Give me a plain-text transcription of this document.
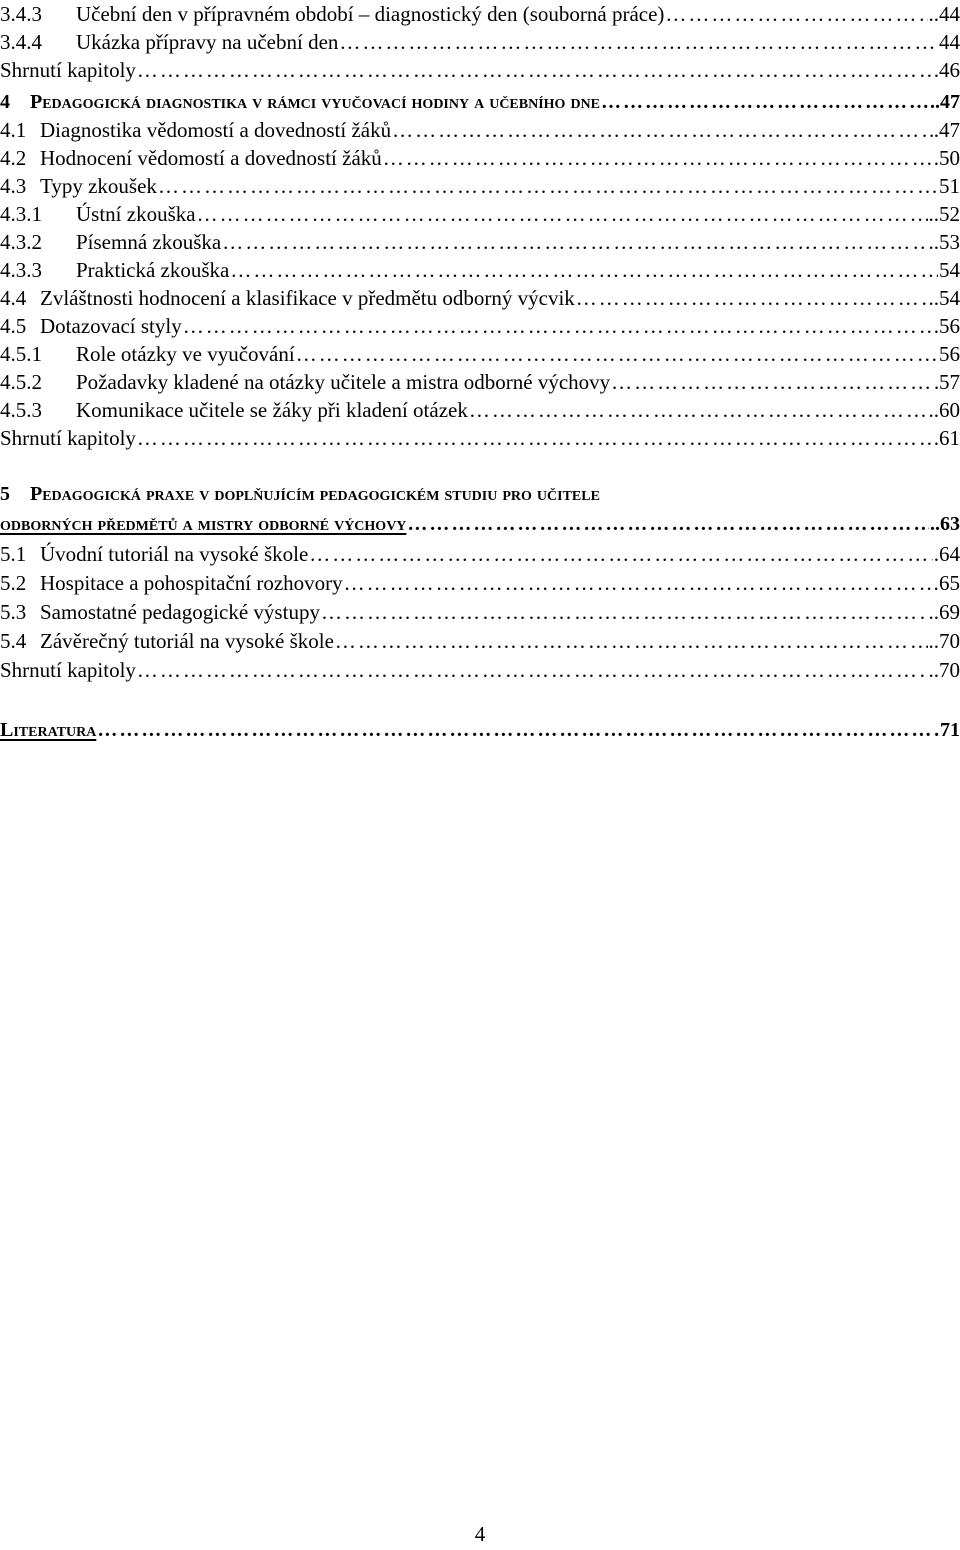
3.4.3	Učební den v přípravném období – diagnostický den (souborná práce) …………………………………………………………………………………………………………………………………………………………………………………………………………………	..44
3.4.4	Ukázka přípravy na učební den …………………………………………………………………………………………………………………………………………………………………………………………………………………	44
Shrnutí kapitoly …………………………………………………………………………………………………………………………………………………………………………………………………………………	46
4	Pedagogická diagnostika v rámci vyučovací hodiny a učebního dne …………………………………………………………………………………………………………………………………………………………………………………………………………………	..47
4.1 Diagnostika vědomostí a dovedností žáků …………………………………………………………………………………………………………………………………………………………………………………………………………………	.47
4.2 Hodnocení vědomostí a dovedností žáků …………………………………………………………………………………………………………………………………………………………………………………………………………………	.50
4.3 Typy zkoušek …………………………………………………………………………………………………………………………………………………………………………………………………………………	51
4.3.1	Ústní zkouška …………………………………………………………………………………………………………………………………………………………………………………………………………………	..52
4.3.2	Písemná zkouška …………………………………………………………………………………………………………………………………………………………………………………………………………………	..53
4.3.3	Praktická zkouška …………………………………………………………………………………………………………………………………………………………………………………………………………………	54
4.4 Zvláštnosti hodnocení a klasifikace v předmětu odborný výcvik …………………………………………………………………………………………………………………………………………………………………………………………………………………	..54
4.5 Dotazovací styly …………………………………………………………………………………………………………………………………………………………………………………………………………………	.56
4.5.1	Role otázky ve vyučování …………………………………………………………………………………………………………………………………………………………………………………………………………………	56
4.5.2	Požadavky kladené na otázky učitele a mistra odborné výchovy …………………………………………………………………………………………………………………………………………………………………………………………………………………	57
4.5.3	Komunikace učitele se žáky při kladení otázek …………………………………………………………………………………………………………………………………………………………………………………………………………………	..60
Shrnutí kapitoly …………………………………………………………………………………………………………………………………………………………………………………………………………………	61
5	Pedagogická praxe v doplňujícím pedagogickém studiu pro učitele
odborných předmětů a mistry odborné výchovy …………………………………………………………………………………………………………………………………………………………………………………………………………………	..63
5.1 Úvodní tutoriál na vysoké škole …………………………………………………………………………………………………………………………………………………………………………………………………………………	.64
5.2 Hospitace a pohospitační rozhovory …………………………………………………………………………………………………………………………………………………………………………………………………………………	65
5.3 Samostatné pedagogické výstupy …………………………………………………………………………………………………………………………………………………………………………………………………………………	..69
5.4 Závěrečný tutoriál na vysoké škole …………………………………………………………………………………………………………………………………………………………………………………………………………………	..70
Shrnutí kapitoly …………………………………………………………………………………………………………………………………………………………………………………………………………………	..70
Literatura …………………………………………………………………………………………………………………………………………………………………………………………………………………	71
4
